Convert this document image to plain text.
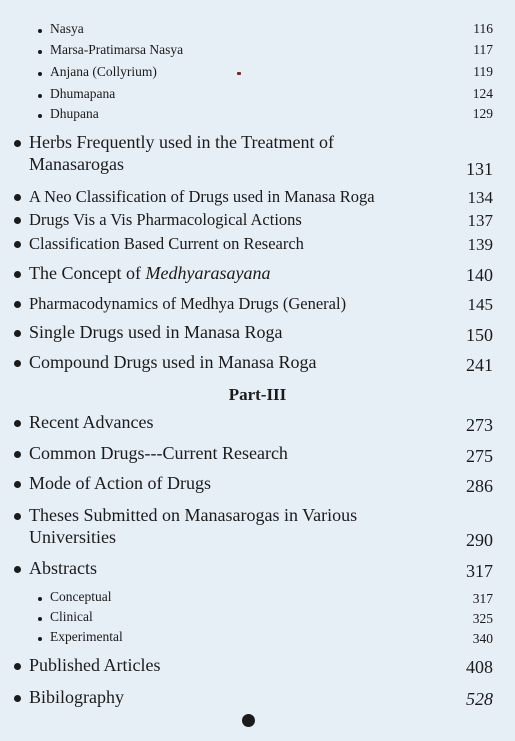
Nasya	116
Marsa-Pratimarsa Nasya	117
Anjana (Collyrium)	119
Dhumapana	124
Dhupana	129
Herbs Frequently used in the Treatment of
Manasarogas	131
A Neo Classification of Drugs used in Manasa Roga	134
Drugs Vis a Vis Pharmacological Actions	137
Classification Based Current on Research	139
The Concept of Medhyarasayana	140
Pharmacodynamics of Medhya Drugs (General)	145
Single Drugs used in Manasa Roga	150
Compound Drugs used in Manasa Roga	241
Part-III
Recent Advances	273
Common Drugs---Current Research	275
Mode of Action of Drugs	286
Theses Submitted on Manasarogas in Various
Universities	290
Abstracts	317
Conceptual	317
Clinical	325
Experimental	340
Published Articles	408
Bibilography	528
